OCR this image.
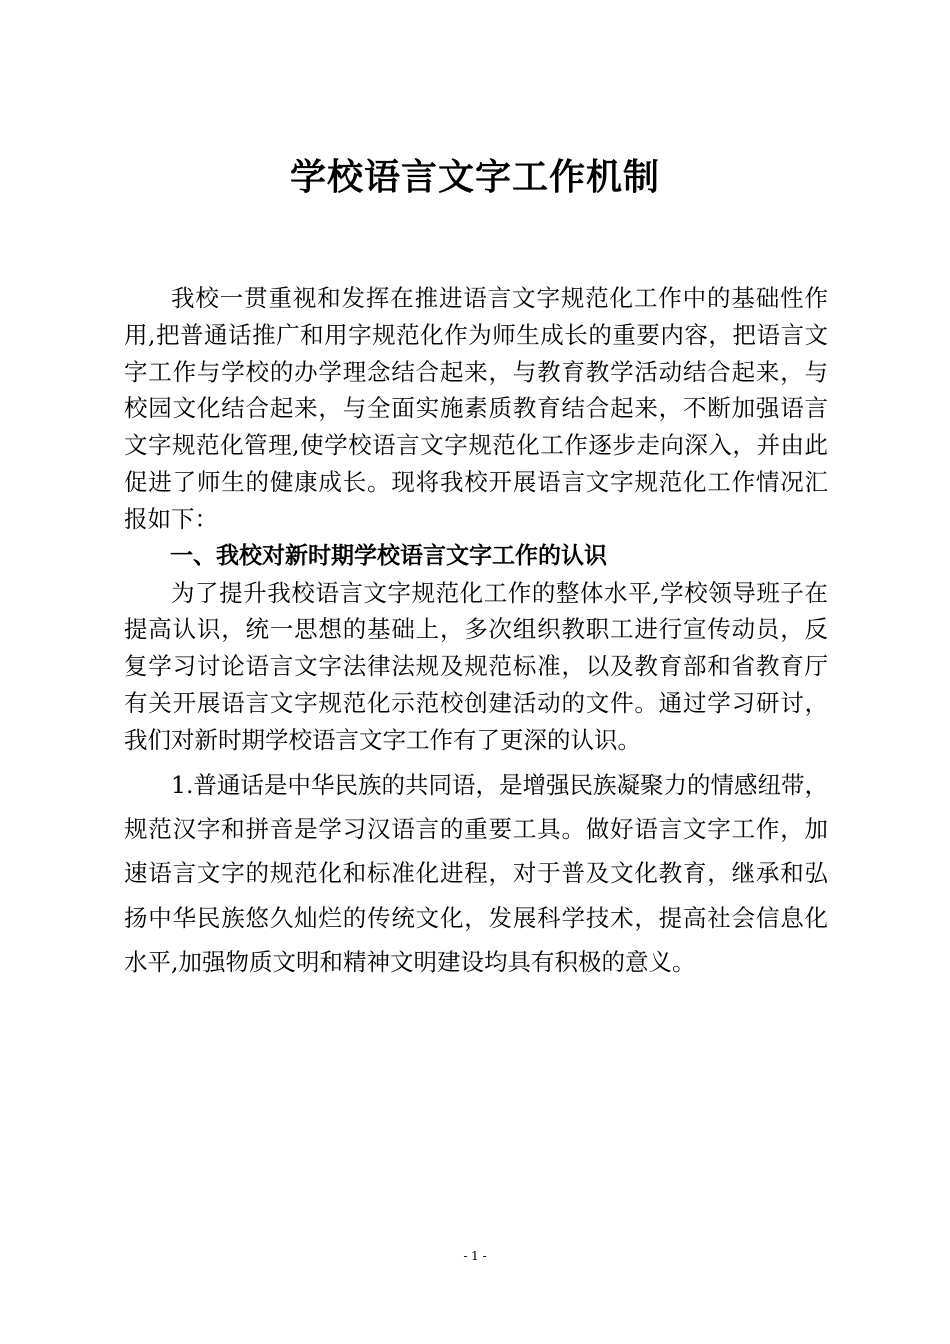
学校语言文字工作机制

我校一贯重视和发挥在推进语言文字规范化工作中的基础性作用,把普通话推广和用字规范化作为师生成长的重要内容，把语言文字工作与学校的办学理念结合起来，与教育教学活动结合起来，与校园文化结合起来，与全面实施素质教育结合起来，不断加强语言文字规范化管理,使学校语言文字规范化工作逐步走向深入，并由此促进了师生的健康成长。现将我校开展语言文字规范化工作情况汇报如下：

一、我校对新时期学校语言文字工作的认识

为了提升我校语言文字规范化工作的整体水平,学校领导班子在提高认识，统一思想的基础上，多次组织教职工进行宣传动员，反复学习讨论语言文字法律法规及规范标准，以及教育部和省教育厅有关开展语言文字规范化示范校创建活动的文件。通过学习研讨，我们对新时期学校语言文字工作有了更深的认识。

1.普通话是中华民族的共同语，是增强民族凝聚力的情感纽带，规范汉字和拼音是学习汉语言的重要工具。做好语言文字工作，加速语言文字的规范化和标准化进程，对于普及文化教育，继承和弘扬中华民族悠久灿烂的传统文化，发展科学技术，提高社会信息化水平,加强物质文明和精神文明建设均具有积极的意义。

- 1 -
